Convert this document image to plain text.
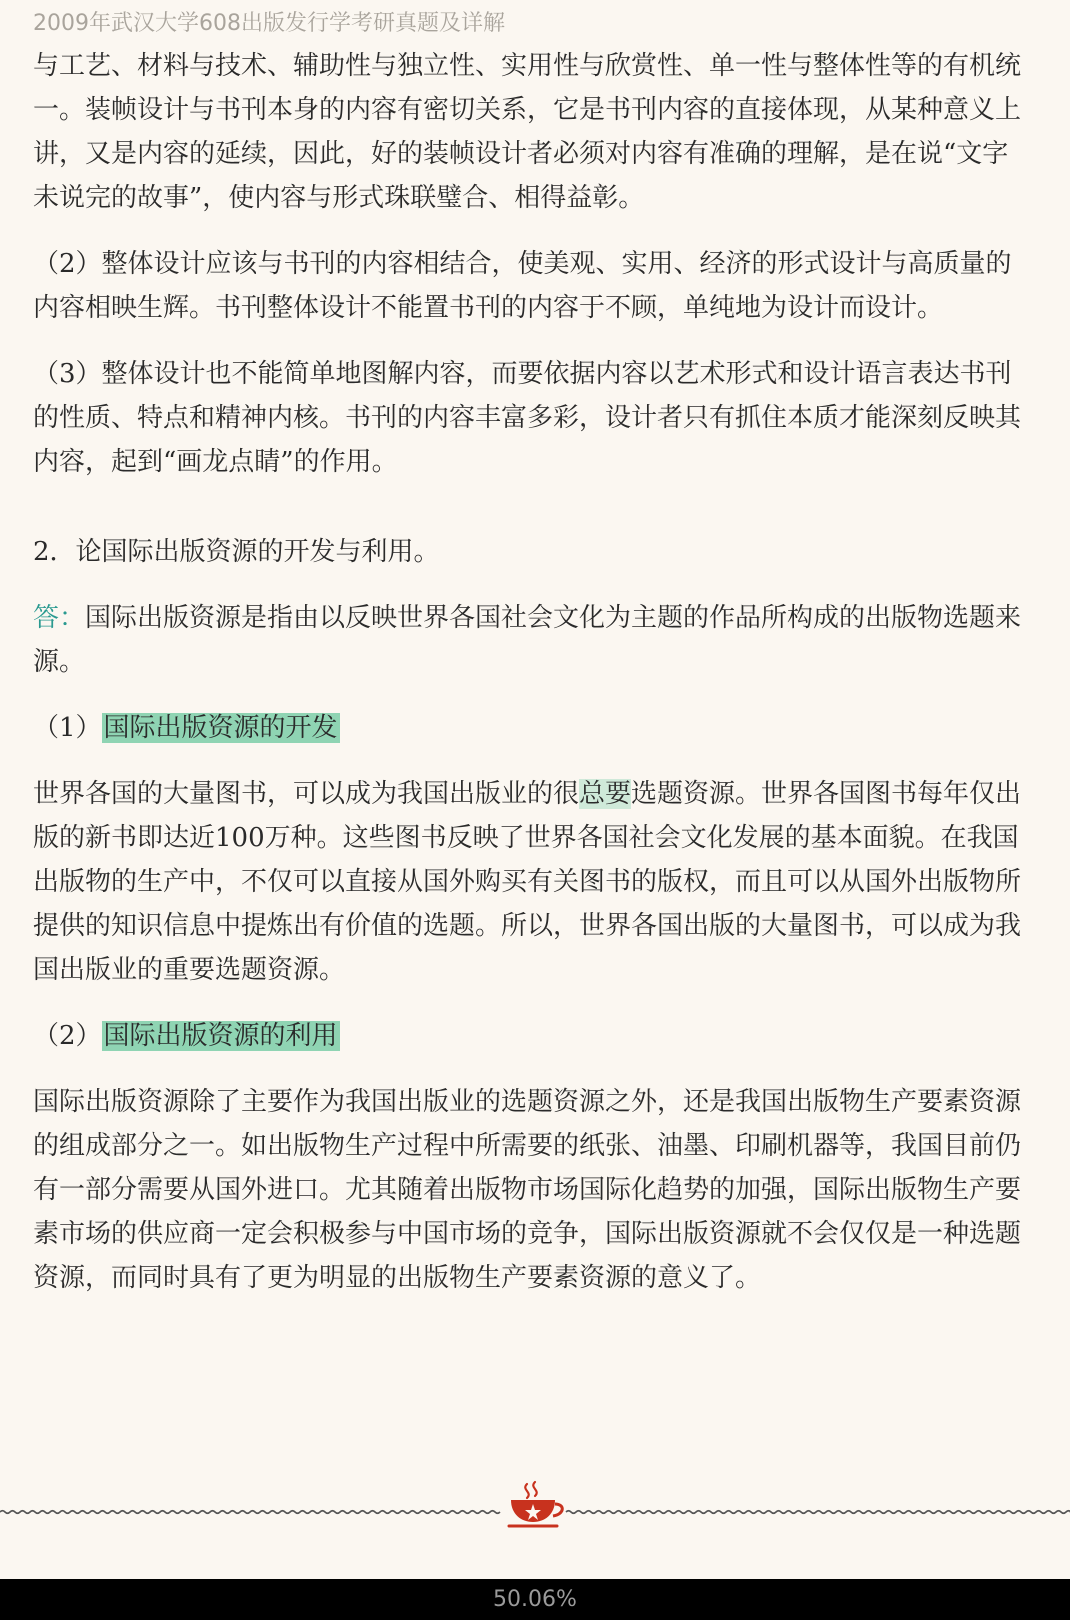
2009年武汉大学608出版发行学考研真题及详解

与工艺、材料与技术、辅助性与独立性、实用性与欣赏性、单一性与整体性等的有机统一。装帧设计与书刊本身的内容有密切关系，它是书刊内容的直接体现，从某种意义上讲，又是内容的延续，因此，好的装帧设计者必须对内容有准确的理解，是在说“文字未说完的故事”，使内容与形式珠联璧合、相得益彰。

（2）整体设计应该与书刊的内容相结合，使美观、实用、经济的形式设计与高质量的内容相映生辉。书刊整体设计不能置书刊的内容于不顾，单纯地为设计而设计。

（3）整体设计也不能简单地图解内容，而要依据内容以艺术形式和设计语言表达书刊的性质、特点和精神内核。书刊的内容丰富多彩，设计者只有抓住本质才能深刻反映其内容，起到“画龙点睛”的作用。

2．论国际出版资源的开发与利用。

答：国际出版资源是指由以反映世界各国社会文化为主题的作品所构成的出版物选题来源。

（1）国际出版资源的开发

世界各国的大量图书，可以成为我国出版业的很总要选题资源。世界各国图书每年仅出版的新书即达近100万种。这些图书反映了世界各国社会文化发展的基本面貌。在我国出版物的生产中，不仅可以直接从国外购买有关图书的版权，而且可以从国外出版物所提供的知识信息中提炼出有价值的选题。所以，世界各国出版的大量图书，可以成为我国出版业的重要选题资源。

（2）国际出版资源的利用

国际出版资源除了主要作为我国出版业的选题资源之外，还是我国出版物生产要素资源的组成部分之一。如出版物生产过程中所需要的纸张、油墨、印刷机器等，我国目前仍有一部分需要从国外进口。尤其随着出版物市场国际化趋势的加强，国际出版物生产要素市场的供应商一定会积极参与中国市场的竞争，国际出版资源就不会仅仅是一种选题资源，而同时具有了更为明显的出版物生产要素资源的意义了。

50.06%
